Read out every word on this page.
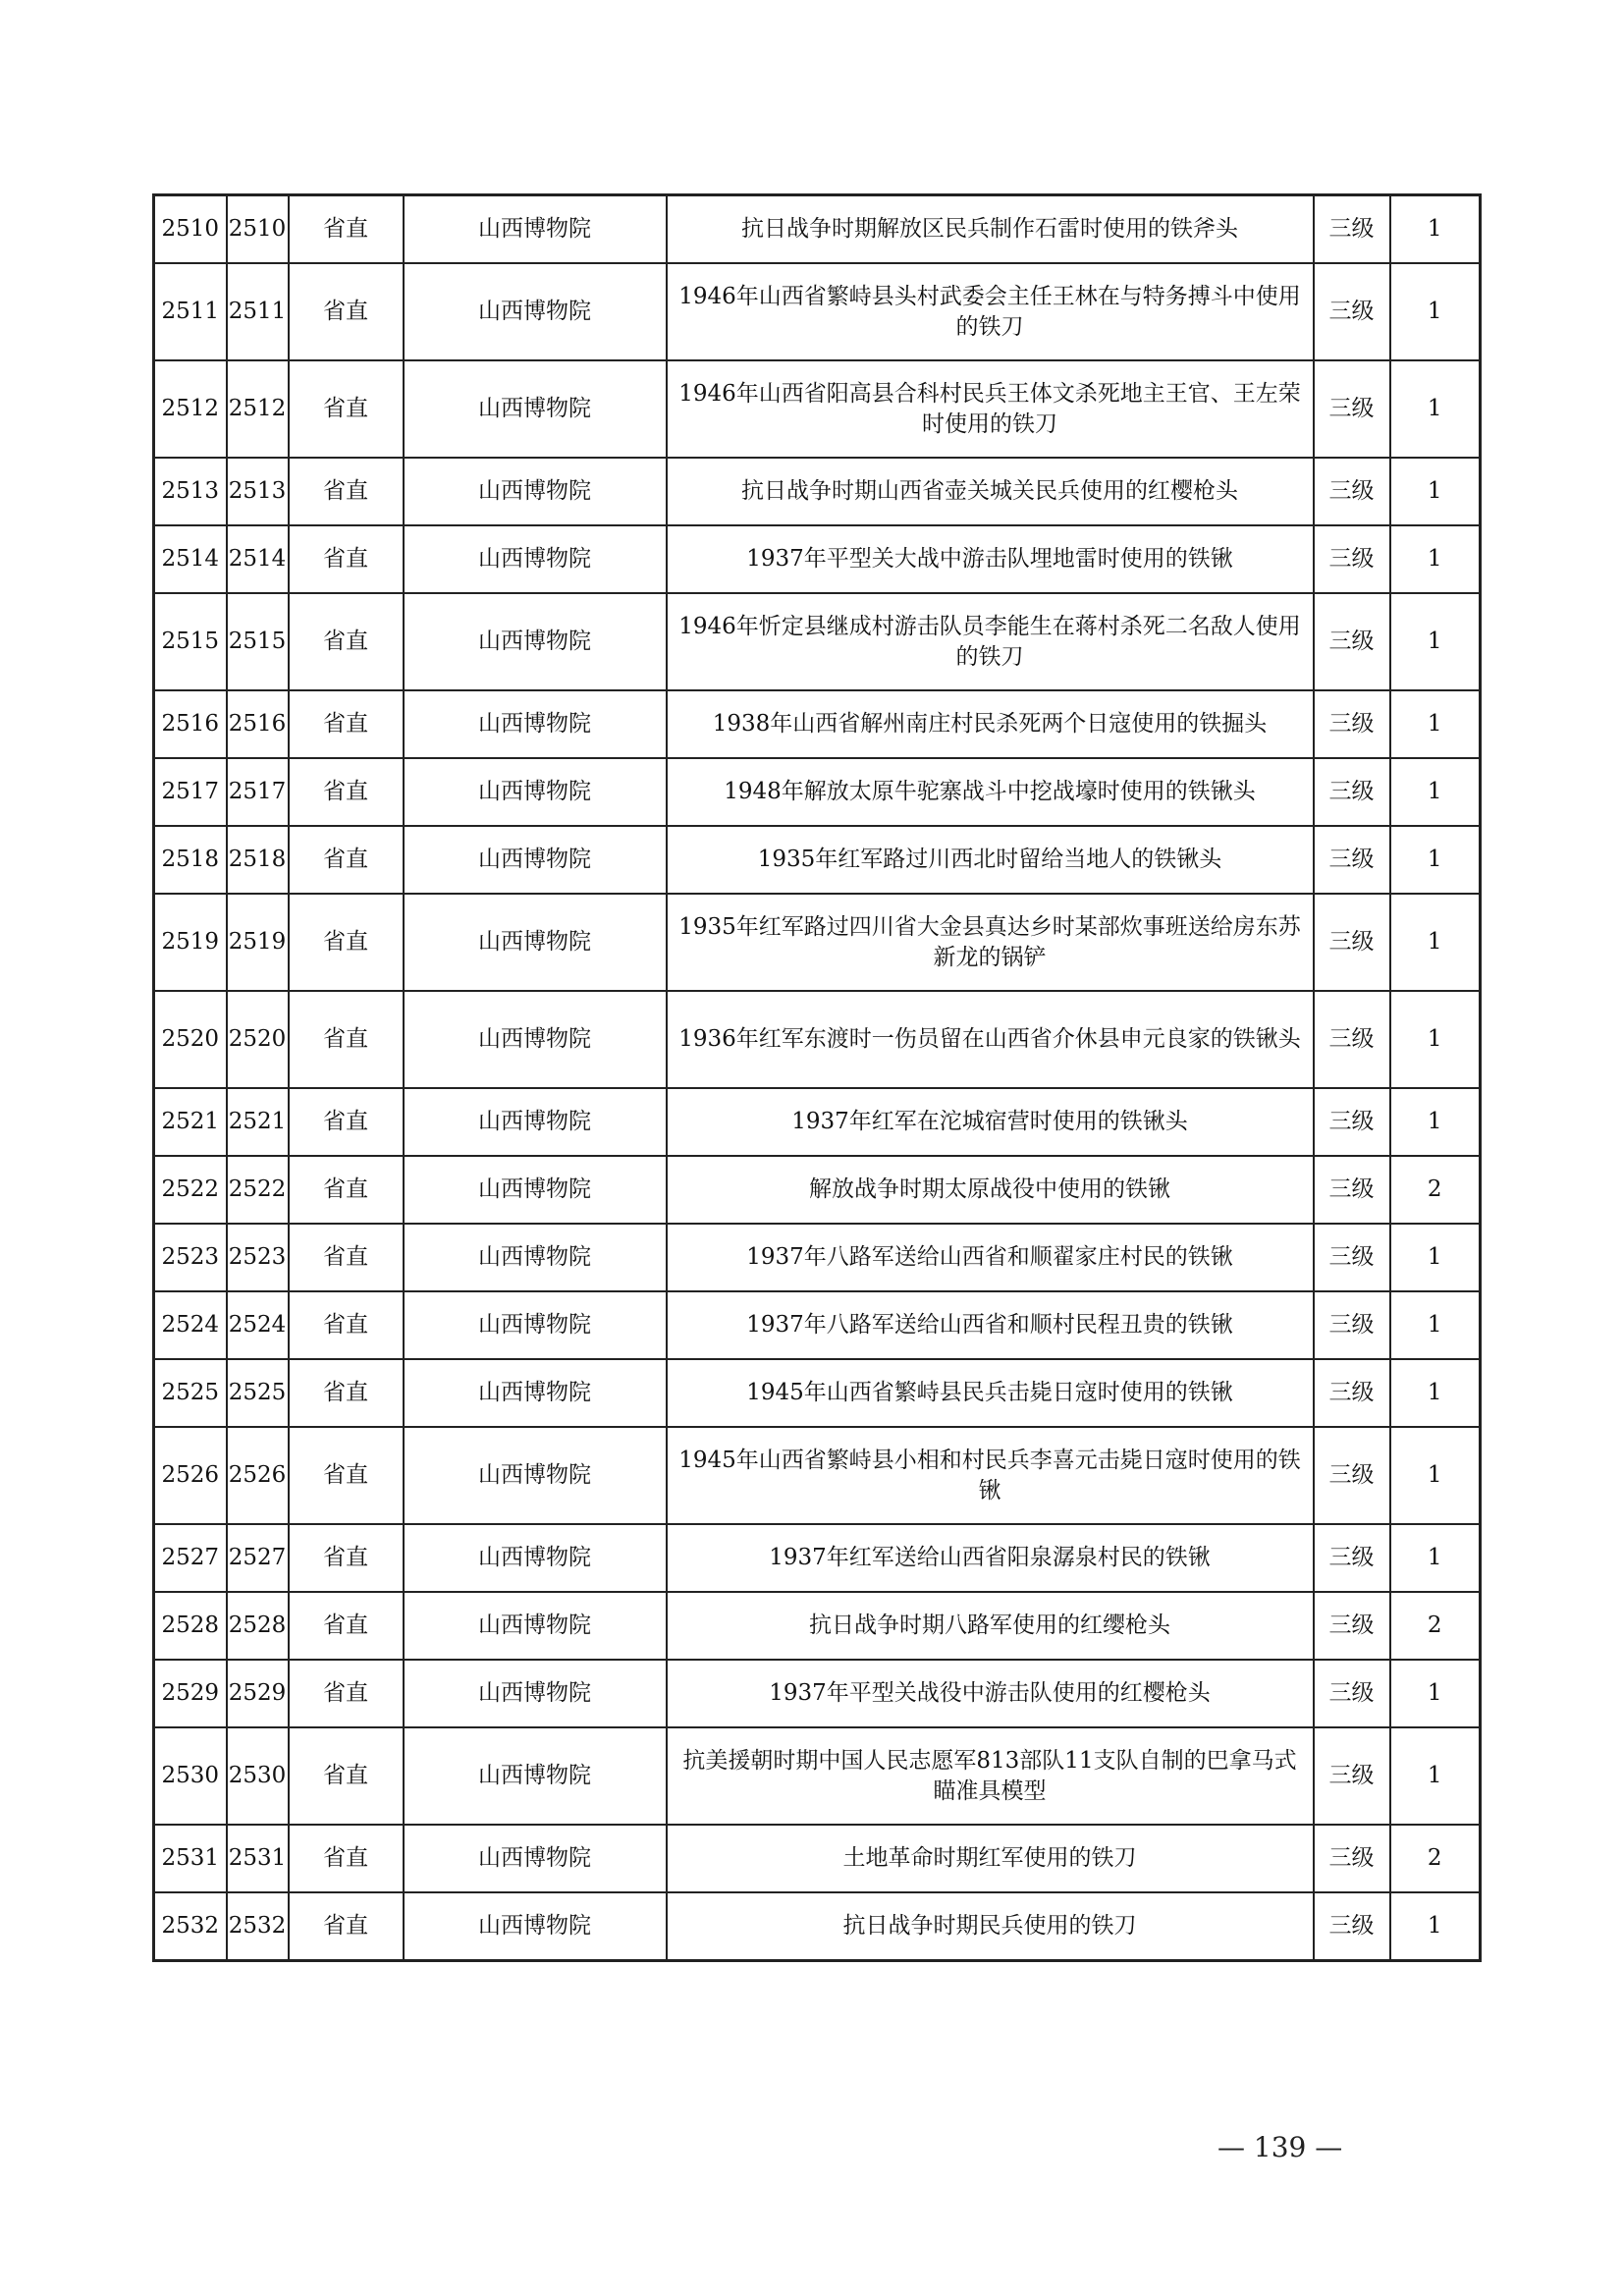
2510	2510	省直	山西博物院	抗日战争时期解放区民兵制作石雷时使用的铁斧头	三级	1
2511	2511	省直	山西博物院	1946年山西省繁峙县头村武委会主任王林在与特务搏斗中使用的铁刀	三级	1
2512	2512	省直	山西博物院	1946年山西省阳高县合科村民兵王体文杀死地主王官、王左荣时使用的铁刀	三级	1
2513	2513	省直	山西博物院	抗日战争时期山西省壶关城关民兵使用的红樱枪头	三级	1
2514	2514	省直	山西博物院	1937年平型关大战中游击队埋地雷时使用的铁锹	三级	1
2515	2515	省直	山西博物院	1946年忻定县继成村游击队员李能生在蒋村杀死二名敌人使用的铁刀	三级	1
2516	2516	省直	山西博物院	1938年山西省解州南庄村民杀死两个日寇使用的铁掘头	三级	1
2517	2517	省直	山西博物院	1948年解放太原牛驼寨战斗中挖战壕时使用的铁锹头	三级	1
2518	2518	省直	山西博物院	1935年红军路过川西北时留给当地人的铁锹头	三级	1
2519	2519	省直	山西博物院	1935年红军路过四川省大金县真达乡时某部炊事班送给房东苏新龙的锅铲	三级	1
2520	2520	省直	山西博物院	1936年红军东渡时一伤员留在山西省介休县申元良家的铁锹头	三级	1
2521	2521	省直	山西博物院	1937年红军在沱城宿营时使用的铁锹头	三级	1
2522	2522	省直	山西博物院	解放战争时期太原战役中使用的铁锹	三级	2
2523	2523	省直	山西博物院	1937年八路军送给山西省和顺翟家庄村民的铁锹	三级	1
2524	2524	省直	山西博物院	1937年八路军送给山西省和顺村民程丑贵的铁锹	三级	1
2525	2525	省直	山西博物院	1945年山西省繁峙县民兵击毙日寇时使用的铁锹	三级	1
2526	2526	省直	山西博物院	1945年山西省繁峙县小相和村民兵李喜元击毙日寇时使用的铁锹	三级	1
2527	2527	省直	山西博物院	1937年红军送给山西省阳泉潺泉村民的铁锹	三级	1
2528	2528	省直	山西博物院	抗日战争时期八路军使用的红缨枪头	三级	2
2529	2529	省直	山西博物院	1937年平型关战役中游击队使用的红樱枪头	三级	1
2530	2530	省直	山西博物院	抗美援朝时期中国人民志愿军813部队11支队自制的巴拿马式瞄准具模型	三级	1
2531	2531	省直	山西博物院	土地革命时期红军使用的铁刀	三级	2
2532	2532	省直	山西博物院	抗日战争时期民兵使用的铁刀	三级	1
— 139 —
